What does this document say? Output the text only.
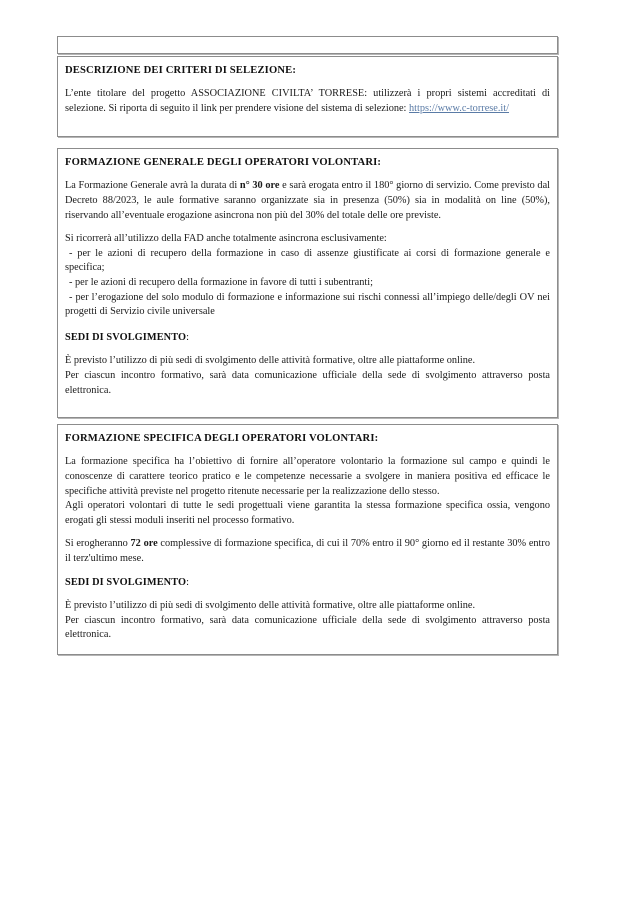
DESCRIZIONE DEI CRITERI DI SELEZIONE:

L’ente titolare del progetto ASSOCIAZIONE CIVILTA’ TORRESE: utilizzerà i propri sistemi accreditati di selezione. Si riporta di seguito il link per prendere visione del sistema di selezione: https://www.c-torrese.it/

FORMAZIONE GENERALE DEGLI OPERATORI VOLONTARI:

La Formazione Generale avrà la durata di n° 30 ore e sarà erogata entro il 180° giorno di servizio. Come previsto dal Decreto 88/2023, le aule formative saranno organizzate sia in presenza (50%) sia in modalità on line (50%), riservando all’eventuale erogazione asincrona non più del 30% del totale delle ore previste.

Si ricorrerà all’utilizzo della FAD anche totalmente asincrona esclusivamente:

- per le azioni di recupero della formazione in caso di assenze giustificate ai corsi di formazione generale e specifica;

- per le azioni di recupero della formazione in favore di tutti i subentranti;

- per l’erogazione del solo modulo di formazione e informazione sui rischi connessi all’impiego delle/degli OV nei progetti di Servizio civile universale

SEDI DI SVOLGIMENTO:

È previsto l’utilizzo di più sedi di svolgimento delle attività formative, oltre alle piattaforme online.

Per ciascun incontro formativo, sarà data comunicazione ufficiale della sede di svolgimento attraverso posta elettronica.

FORMAZIONE SPECIFICA DEGLI OPERATORI VOLONTARI:

La formazione specifica ha l’obiettivo di fornire all’operatore volontario la formazione sul campo e quindi le conoscenze di carattere teorico pratico e le competenze necessarie a svolgere in maniera positiva ed efficace le specifiche attività previste nel progetto ritenute necessarie per la realizzazione dello stesso.

Agli operatori volontari di tutte le sedi progettuali viene garantita la stessa formazione specifica ossia, vengono erogati gli stessi moduli inseriti nel processo formativo.

Si erogheranno 72 ore complessive di formazione specifica, di cui il 70% entro il 90° giorno ed il restante 30% entro il terz'ultimo mese.

SEDI DI SVOLGIMENTO:

È previsto l’utilizzo di più sedi di svolgimento delle attività formative, oltre alle piattaforme online.

Per ciascun incontro formativo, sarà data comunicazione ufficiale della sede di svolgimento attraverso posta elettronica.
